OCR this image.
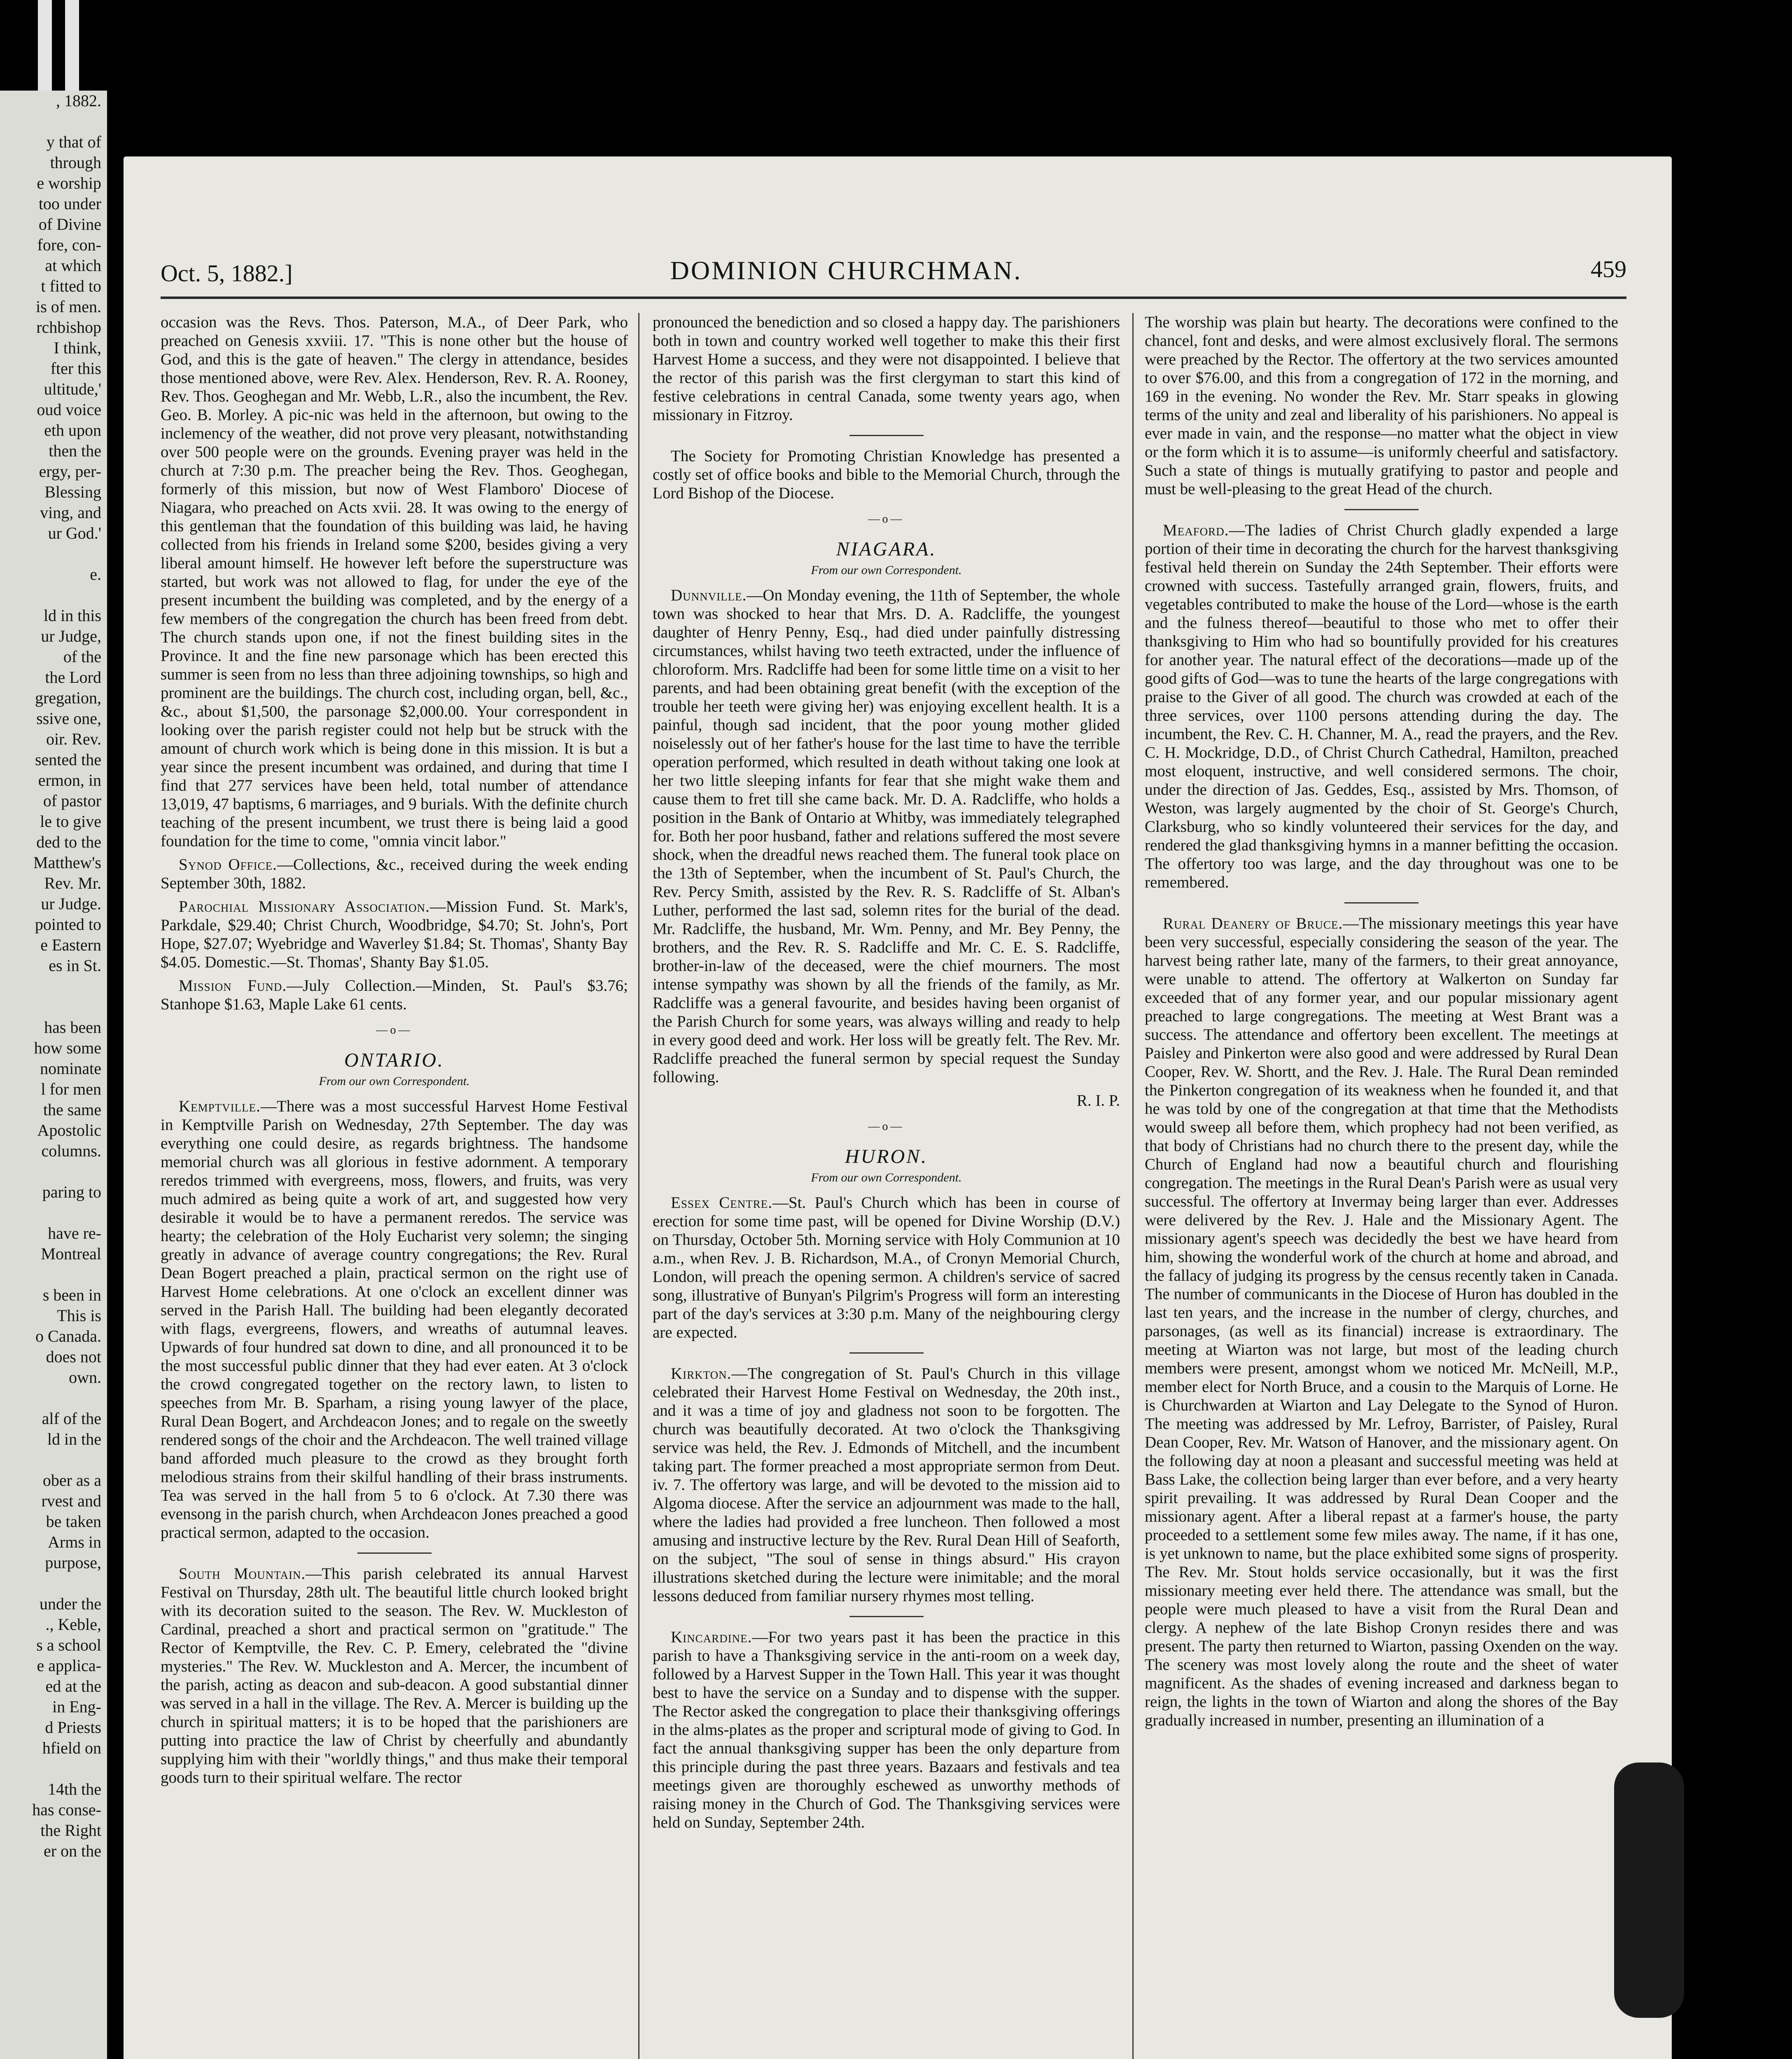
, 1882.

y that of
through
e worship
too under
of Divine
fore, con-
at which
t fitted to
is of men.
rchbishop
I think,
fter this
ultitude,'
oud voice
eth upon
then the
ergy, per-
Blessing
ving, and
ur God.'

e.

ld in this
ur Judge,
of the
the Lord
gregation,
ssive one,
oir. Rev.
sented the
ermon, in
of pastor
le to give
ded to the
Matthew's
Rev. Mr.
ur Judge.
pointed to
e Eastern
es in St.

has been
how some
nominate
l for men
the same
Apostolic
columns.

paring to

have re-
Montreal

s been in
This is
o Canada.
does not
own.

alf of the
ld in the

ober as a
rvest and
be taken
Arms in
purpose,

under the
., Keble,
s a school
e applica-
ed at the
in Eng-
d Priests
hfield on

14th the
has conse-
the Right
er on the
Oct. 5, 1882.]	DOMINION CHURCHMAN.	459

occasion was the Revs. Thos. Paterson, M.A., of Deer Park, who preached on Genesis xxviii. 17. "This is none other but the house of God, and this is the gate of heaven." The clergy in attendance, besides those mentioned above, were Rev. Alex. Henderson, Rev. R. A. Rooney, Rev. Thos. Geoghegan and Mr. Webb, L.R., also the incumbent, the Rev. Geo. B. Morley. A pic-nic was held in the afternoon, but owing to the inclemency of the weather, did not prove very pleasant, notwithstanding over 500 people were on the grounds. Evening prayer was held in the church at 7:30 p.m. The preacher being the Rev. Thos. Geoghegan, formerly of this mission, but now of West Flamboro' Diocese of Niagara, who preached on Acts xvii. 28. It was owing to the energy of this gentleman that the foundation of this building was laid, he having collected from his friends in Ireland some $200, besides giving a very liberal amount himself. He however left before the superstructure was started, but work was not allowed to flag, for under the eye of the present incumbent the building was completed, and by the energy of a few members of the congregation the church has been freed from debt. The church stands upon one, if not the finest building sites in the Province. It and the fine new parsonage which has been erected this summer is seen from no less than three adjoining townships, so high and prominent are the buildings. The church cost, including organ, bell, &c., &c., about $1,500, the parsonage $2,000.00. Your correspondent in looking over the parish register could not help but be struck with the amount of church work which is being done in this mission. It is but a year since the present incumbent was ordained, and during that time I find that 277 services have been held, total number of attendance 13,019, 47 baptisms, 6 marriages, and 9 burials. With the definite church teaching of the present incumbent, we trust there is being laid a good foundation for the time to come, "omnia vincit labor."

Synod Office.—Collections, &c., received during the week ending September 30th, 1882.

Parochial Missionary Association.—Mission Fund. St. Mark's, Parkdale, $29.40; Christ Church, Woodbridge, $4.70; St. John's, Port Hope, $27.07; Wyebridge and Waverley $1.84; St. Thomas', Shanty Bay $4.05. Domestic.—St. Thomas', Shanty Bay $1.05.

Mission Fund.—July Collection.—Minden, St. Paul's $3.76; Stanhope $1.63, Maple Lake 61 cents.

—o—
ONTARIO.
From our own Correspondent.

Kemptville.—There was a most successful Harvest Home Festival in Kemptville Parish on Wednesday, 27th September. The day was everything one could desire, as regards brightness. The handsome memorial church was all glorious in festive adornment. A temporary reredos trimmed with evergreens, moss, flowers, and fruits, was very much admired as being quite a work of art, and suggested how very desirable it would be to have a permanent reredos. The service was hearty; the celebration of the Holy Eucharist very solemn; the singing greatly in advance of average country congregations; the Rev. Rural Dean Bogert preached a plain, practical sermon on the right use of Harvest Home celebrations. At one o'clock an excellent dinner was served in the Parish Hall. The building had been elegantly decorated with flags, evergreens, flowers, and wreaths of autumnal leaves. Upwards of four hundred sat down to dine, and all pronounced it to be the most successful public dinner that they had ever eaten. At 3 o'clock the crowd congregated together on the rectory lawn, to listen to speeches from Mr. B. Sparham, a rising young lawyer of the place, Rural Dean Bogert, and Archdeacon Jones; and to regale on the sweetly rendered songs of the choir and the Archdeacon. The well trained village band afforded much pleasure to the crowd as they brought forth melodious strains from their skilful handling of their brass instruments. Tea was served in the hall from 5 to 6 o'clock. At 7.30 there was evensong in the parish church, when Archdeacon Jones preached a good practical sermon, adapted to the occasion.

South Mountain.—This parish celebrated its annual Harvest Festival on Thursday, 28th ult. The beautiful little church looked bright with its decoration suited to the season. The Rev. W. Muckleston of Cardinal, preached a short and practical sermon on "gratitude." The Rector of Kemptville, the Rev. C. P. Emery, celebrated the "divine mysteries." The Rev. W. Muckleston and A. Mercer, the incumbent of the parish, acting as deacon and sub-deacon. A good substantial dinner was served in a hall in the village. The Rev. A. Mercer is building up the church in spiritual matters; it is to be hoped that the parishioners are putting into practice the law of Christ by cheerfully and abundantly supplying him with their "worldly things," and thus make their temporal goods turn to their spiritual welfare. The rector

pronounced the benediction and so closed a happy day. The parishioners both in town and country worked well together to make this their first Harvest Home a success, and they were not disappointed. I believe that the rector of this parish was the first clergyman to start this kind of festive celebrations in central Canada, some twenty years ago, when missionary in Fitzroy.

The Society for Promoting Christian Knowledge has presented a costly set of office books and bible to the Memorial Church, through the Lord Bishop of the Diocese.

—o—
NIAGARA.
From our own Correspondent.

Dunnville.—On Monday evening, the 11th of September, the whole town was shocked to hear that Mrs. D. A. Radcliffe, the youngest daughter of Henry Penny, Esq., had died under painfully distressing circumstances, whilst having two teeth extracted, under the influence of chloroform. Mrs. Radcliffe had been for some little time on a visit to her parents, and had been obtaining great benefit (with the exception of the trouble her teeth were giving her) was enjoying excellent health. It is a painful, though sad incident, that the poor young mother glided noiselessly out of her father's house for the last time to have the terrible operation performed, which resulted in death without taking one look at her two little sleeping infants for fear that she might wake them and cause them to fret till she came back. Mr. D. A. Radcliffe, who holds a position in the Bank of Ontario at Whitby, was immediately telegraphed for. Both her poor husband, father and relations suffered the most severe shock, when the dreadful news reached them. The funeral took place on the 13th of September, when the incumbent of St. Paul's Church, the Rev. Percy Smith, assisted by the Rev. R. S. Radcliffe of St. Alban's Luther, performed the last sad, solemn rites for the burial of the dead. Mr. Radcliffe, the husband, Mr. Wm. Penny, and Mr. Bey Penny, the brothers, and the Rev. R. S. Radcliffe and Mr. C. E. S. Radcliffe, brother-in-law of the deceased, were the chief mourners. The most intense sympathy was shown by all the friends of the family, as Mr. Radcliffe was a general favourite, and besides having been organist of the Parish Church for some years, was always willing and ready to help in every good deed and work. Her loss will be greatly felt. The Rev. Mr. Radcliffe preached the funeral sermon by special request the Sunday following.

R. I. P.
—o—
HURON.
From our own Correspondent.

Essex Centre.—St. Paul's Church which has been in course of erection for some time past, will be opened for Divine Worship (D.V.) on Thursday, October 5th. Morning service with Holy Communion at 10 a.m., when Rev. J. B. Richardson, M.A., of Cronyn Memorial Church, London, will preach the opening sermon. A children's service of sacred song, illustrative of Bunyan's Pilgrim's Progress will form an interesting part of the day's services at 3:30 p.m. Many of the neighbouring clergy are expected.

Kirkton.—The congregation of St. Paul's Church in this village celebrated their Harvest Home Festival on Wednesday, the 20th inst., and it was a time of joy and gladness not soon to be forgotten. The church was beautifully decorated. At two o'clock the Thanksgiving service was held, the Rev. J. Edmonds of Mitchell, and the incumbent taking part. The former preached a most appropriate sermon from Deut. iv. 7. The offertory was large, and will be devoted to the mission aid to Algoma diocese. After the service an adjournment was made to the hall, where the ladies had provided a free luncheon. Then followed a most amusing and instructive lecture by the Rev. Rural Dean Hill of Seaforth, on the subject, "The soul of sense in things absurd." His crayon illustrations sketched during the lecture were inimitable; and the moral lessons deduced from familiar nursery rhymes most telling.

Kincardine.—For two years past it has been the practice in this parish to have a Thanksgiving service in the anti-room on a week day, followed by a Harvest Supper in the Town Hall. This year it was thought best to have the service on a Sunday and to dispense with the supper. The Rector asked the congregation to place their thanksgiving offerings in the alms-plates as the proper and scriptural mode of giving to God. In fact the annual thanksgiving supper has been the only departure from this principle during the past three years. Bazaars and festivals and tea meetings given are thoroughly eschewed as unworthy methods of raising money in the Church of God. The Thanksgiving services were held on Sunday, September 24th.

The worship was plain but hearty. The decorations were confined to the chancel, font and desks, and were almost exclusively floral. The sermons were preached by the Rector. The offertory at the two services amounted to over $76.00, and this from a congregation of 172 in the morning, and 169 in the evening. No wonder the Rev. Mr. Starr speaks in glowing terms of the unity and zeal and liberality of his parishioners. No appeal is ever made in vain, and the response—no matter what the object in view or the form which it is to assume—is uniformly cheerful and satisfactory. Such a state of things is mutually gratifying to pastor and people and must be well-pleasing to the great Head of the church.

Meaford.—The ladies of Christ Church gladly expended a large portion of their time in decorating the church for the harvest thanksgiving festival held therein on Sunday the 24th September. Their efforts were crowned with success. Tastefully arranged grain, flowers, fruits, and vegetables contributed to make the house of the Lord—whose is the earth and the fulness thereof—beautiful to those who met to offer their thanksgiving to Him who had so bountifully provided for his creatures for another year. The natural effect of the decorations—made up of the good gifts of God—was to tune the hearts of the large congregations with praise to the Giver of all good. The church was crowded at each of the three services, over 1100 persons attending during the day. The incumbent, the Rev. C. H. Channer, M. A., read the prayers, and the Rev. C. H. Mockridge, D.D., of Christ Church Cathedral, Hamilton, preached most eloquent, instructive, and well considered sermons. The choir, under the direction of Jas. Geddes, Esq., assisted by Mrs. Thomson, of Weston, was largely augmented by the choir of St. George's Church, Clarksburg, who so kindly volunteered their services for the day, and rendered the glad thanksgiving hymns in a manner befitting the occasion. The offertory too was large, and the day throughout was one to be remembered.

Rural Deanery of Bruce.—The missionary meetings this year have been very successful, especially considering the season of the year. The harvest being rather late, many of the farmers, to their great annoyance, were unable to attend. The offertory at Walkerton on Sunday far exceeded that of any former year, and our popular missionary agent preached to large congregations. The meeting at West Brant was a success. The attendance and offertory been excellent. The meetings at Paisley and Pinkerton were also good and were addressed by Rural Dean Cooper, Rev. W. Shortt, and the Rev. J. Hale. The Rural Dean reminded the Pinkerton congregation of its weakness when he founded it, and that he was told by one of the congregation at that time that the Methodists would sweep all before them, which prophecy had not been verified, as that body of Christians had no church there to the present day, while the Church of England had now a beautiful church and flourishing congregation. The meetings in the Rural Dean's Parish were as usual very successful. The offertory at Invermay being larger than ever. Addresses were delivered by the Rev. J. Hale and the Missionary Agent. The missionary agent's speech was decidedly the best we have heard from him, showing the wonderful work of the church at home and abroad, and the fallacy of judging its progress by the census recently taken in Canada. The number of communicants in the Diocese of Huron has doubled in the last ten years, and the increase in the number of clergy, churches, and parsonages, (as well as its financial) increase is extraordinary. The meeting at Wiarton was not large, but most of the leading church members were present, amongst whom we noticed Mr. McNeill, M.P., member elect for North Bruce, and a cousin to the Marquis of Lorne. He is Churchwarden at Wiarton and Lay Delegate to the Synod of Huron. The meeting was addressed by Mr. Lefroy, Barrister, of Paisley, Rural Dean Cooper, Rev. Mr. Watson of Hanover, and the missionary agent. On the following day at noon a pleasant and successful meeting was held at Bass Lake, the collection being larger than ever before, and a very hearty spirit prevailing. It was addressed by Rural Dean Cooper and the missionary agent. After a liberal repast at a farmer's house, the party proceeded to a settlement some few miles away. The name, if it has one, is yet unknown to name, but the place exhibited some signs of prosperity. The Rev. Mr. Stout holds service occasionally, but it was the first missionary meeting ever held there. The attendance was small, but the people were much pleased to have a visit from the Rural Dean and clergy. A nephew of the late Bishop Cronyn resides there and was present. The party then returned to Wiarton, passing Oxenden on the way. The scenery was most lovely along the route and the sheet of water magnificent. As the shades of evening increased and darkness began to reign, the lights in the town of Wiarton and along the shores of the Bay gradually increased in number, presenting an illumination of a
